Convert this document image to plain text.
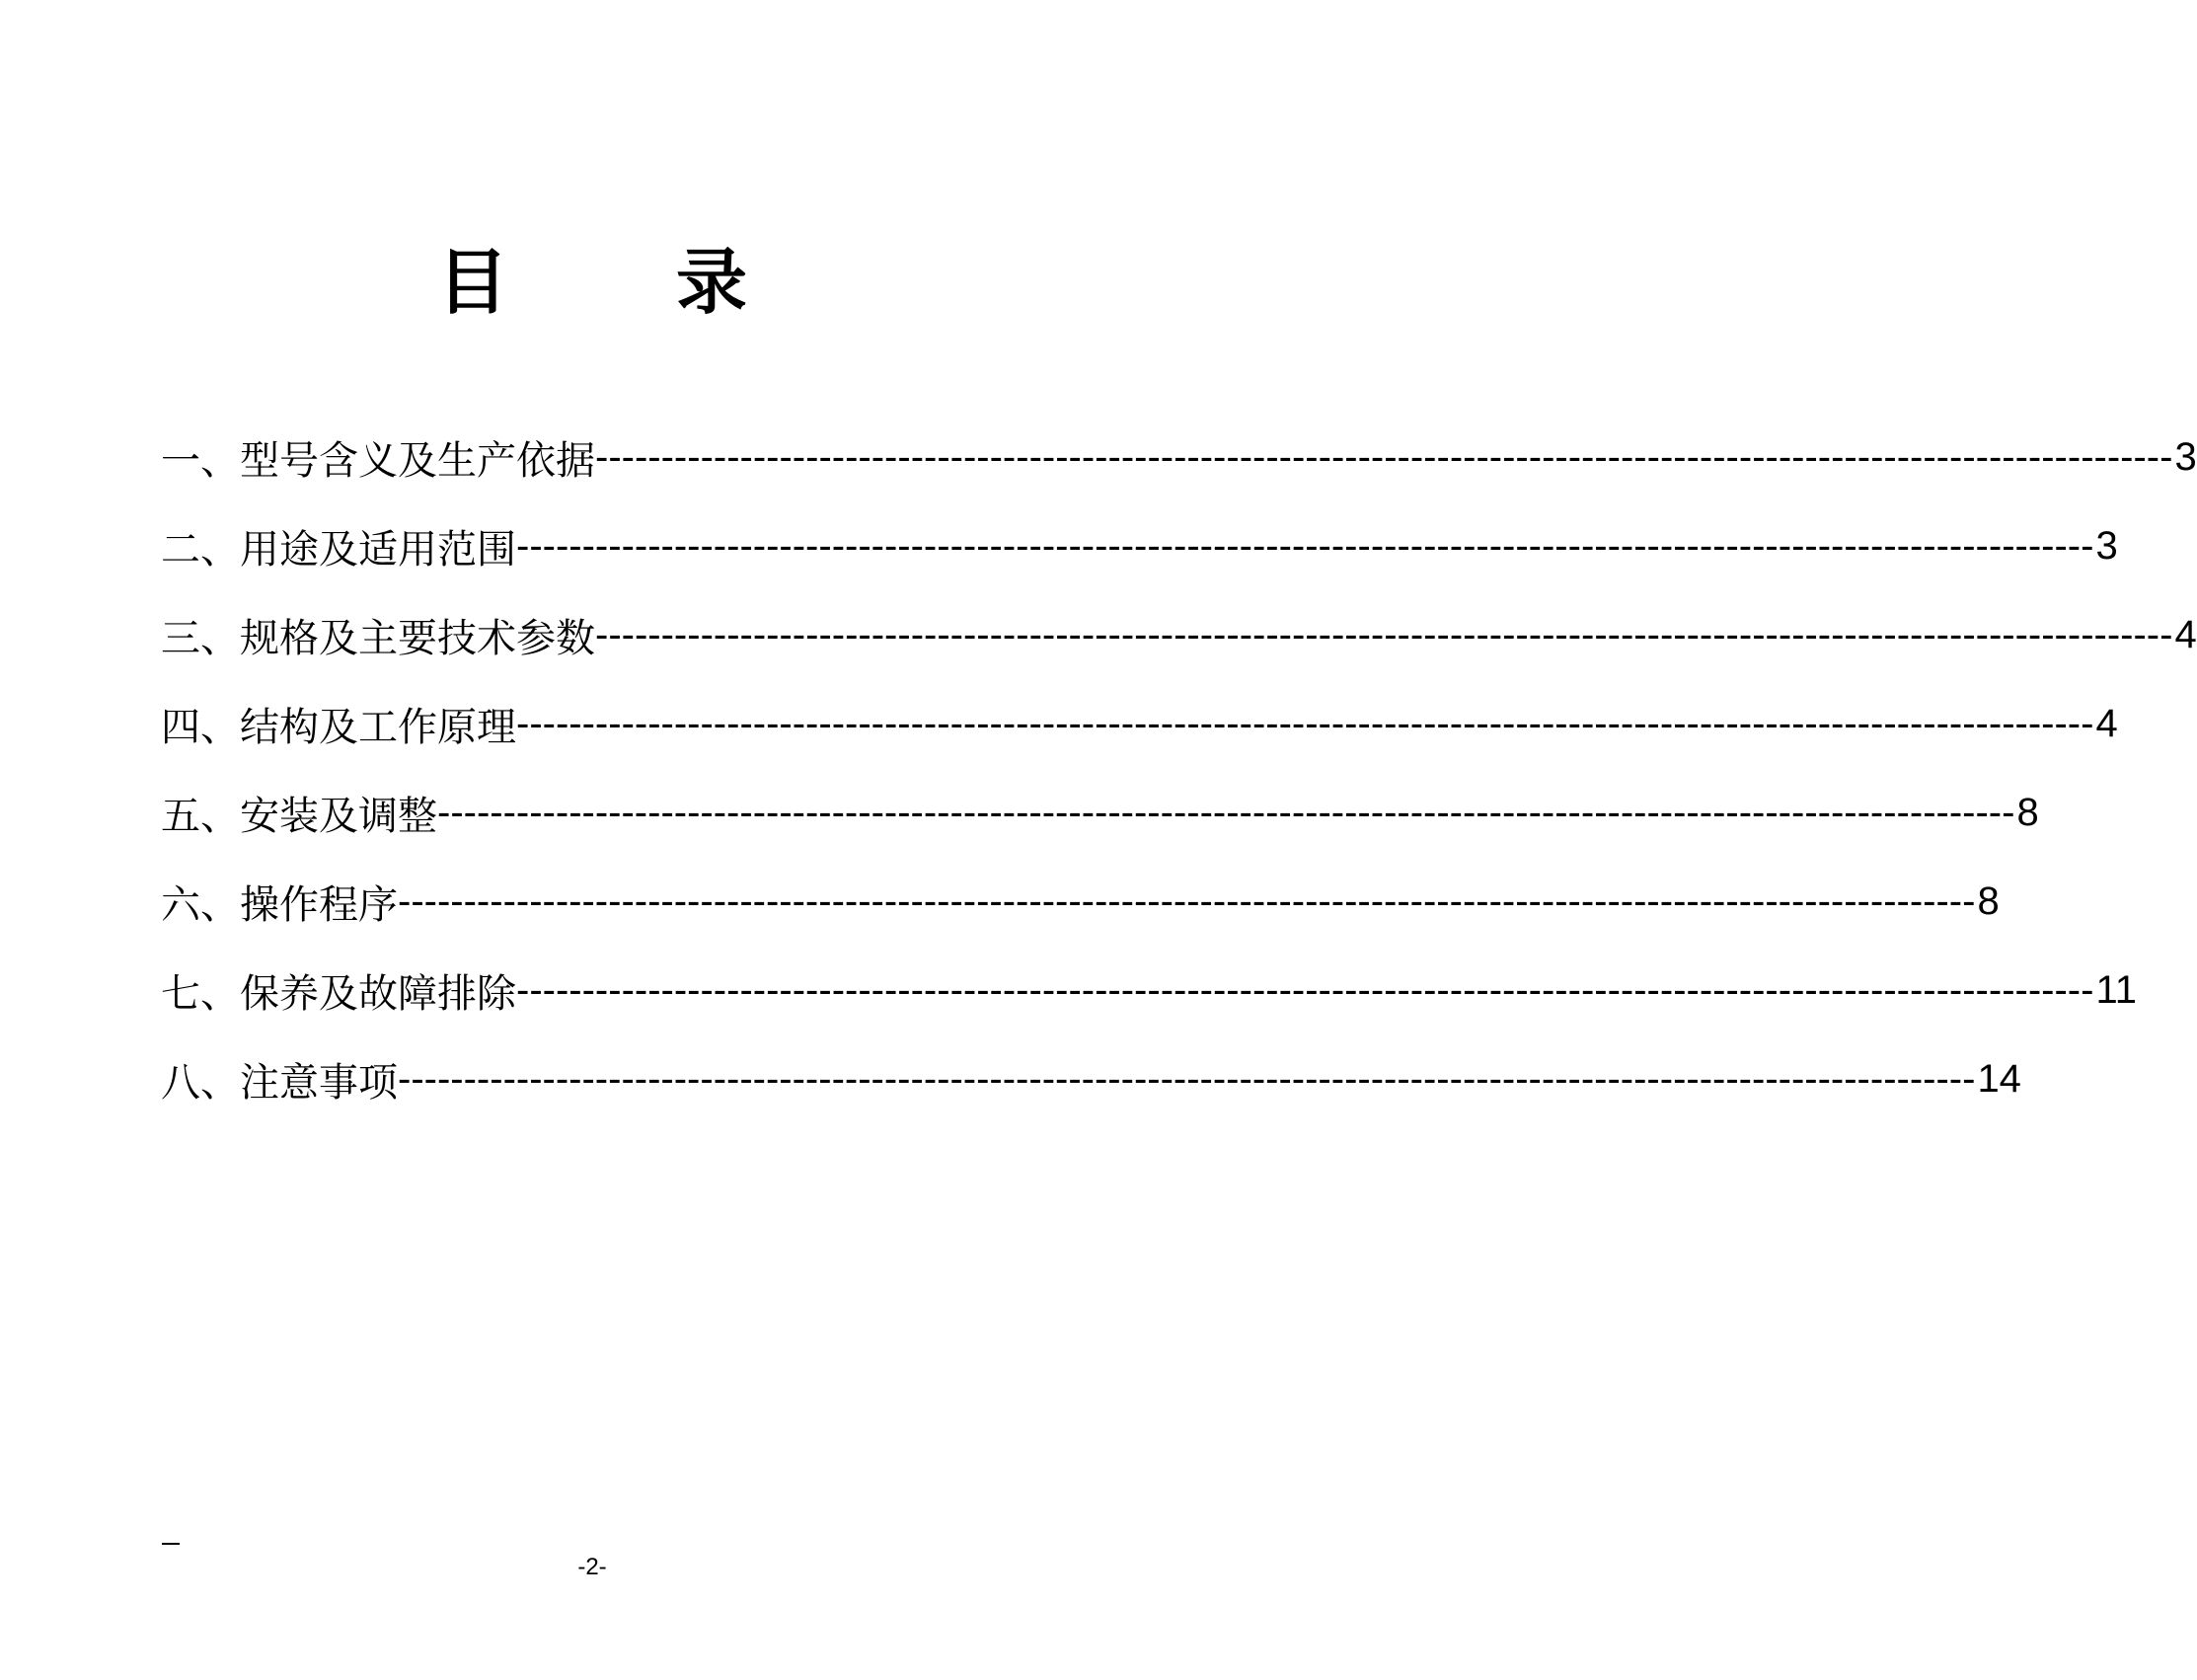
目 录
一、 型号含义及生产依据 ------------------------------------------------------------------------------------------------------------------------ 3
二、 用途及适用范围 ------------------------------------------------------------------------------------------------------------------------ 3
三、 规格及主要技术参数 ------------------------------------------------------------------------------------------------------------------------ 4
四、 结构及工作原理 ------------------------------------------------------------------------------------------------------------------------ 4
五、 安装及调整 ------------------------------------------------------------------------------------------------------------------------ 8
六、 操作程序 ------------------------------------------------------------------------------------------------------------------------ 8
七、 保养及故障排除 ------------------------------------------------------------------------------------------------------------------------ 11
八、 注意事项 ------------------------------------------------------------------------------------------------------------------------ 14
-2-
